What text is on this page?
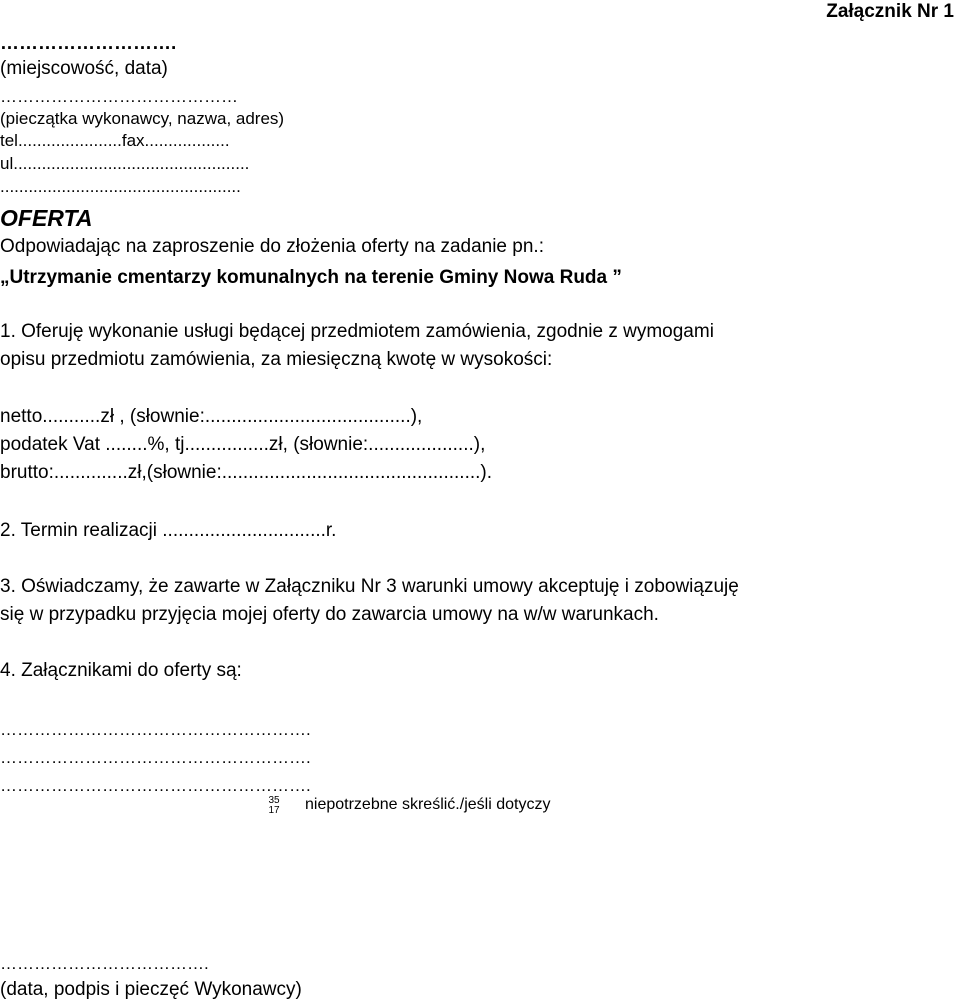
Załącznik Nr 1
……………………….
(miejscowość, data)
……………………………………
(pieczątka wykonawcy, nazwa, adres)
tel......................fax..................
ul..................................................
...................................................
OFERTA
Odpowiadając na zaproszenie do złożenia oferty na zadanie pn.:
„Utrzymanie cmentarzy komunalnych na terenie Gminy Nowa Ruda ”
1. Oferuję wykonanie usługi będącej przedmiotem zamówienia, zgodnie z wymogami
opisu przedmiotu zamówienia, za miesięczną kwotę w wysokości:
netto...........zł , (słownie:.......................................),
podatek Vat ........%, tj................zł, (słownie:....................),
brutto:..............zł,(słownie:.................................................).
2. Termin realizacji ...............................r.
3. Oświadczamy, że zawarte w Załączniku Nr 3 warunki umowy akceptuję i zobowiązuję
się w przypadku przyjęcia mojej oferty do zawarcia umowy na w/w warunkach.
4. Załącznikami do oferty są:
……………………………………………….
……………………………………………….
……………………………………………….
35
17 niepotrzebne skreślić./jeśli dotyczy
……………………………….
(data, podpis i pieczęć Wykonawcy)
